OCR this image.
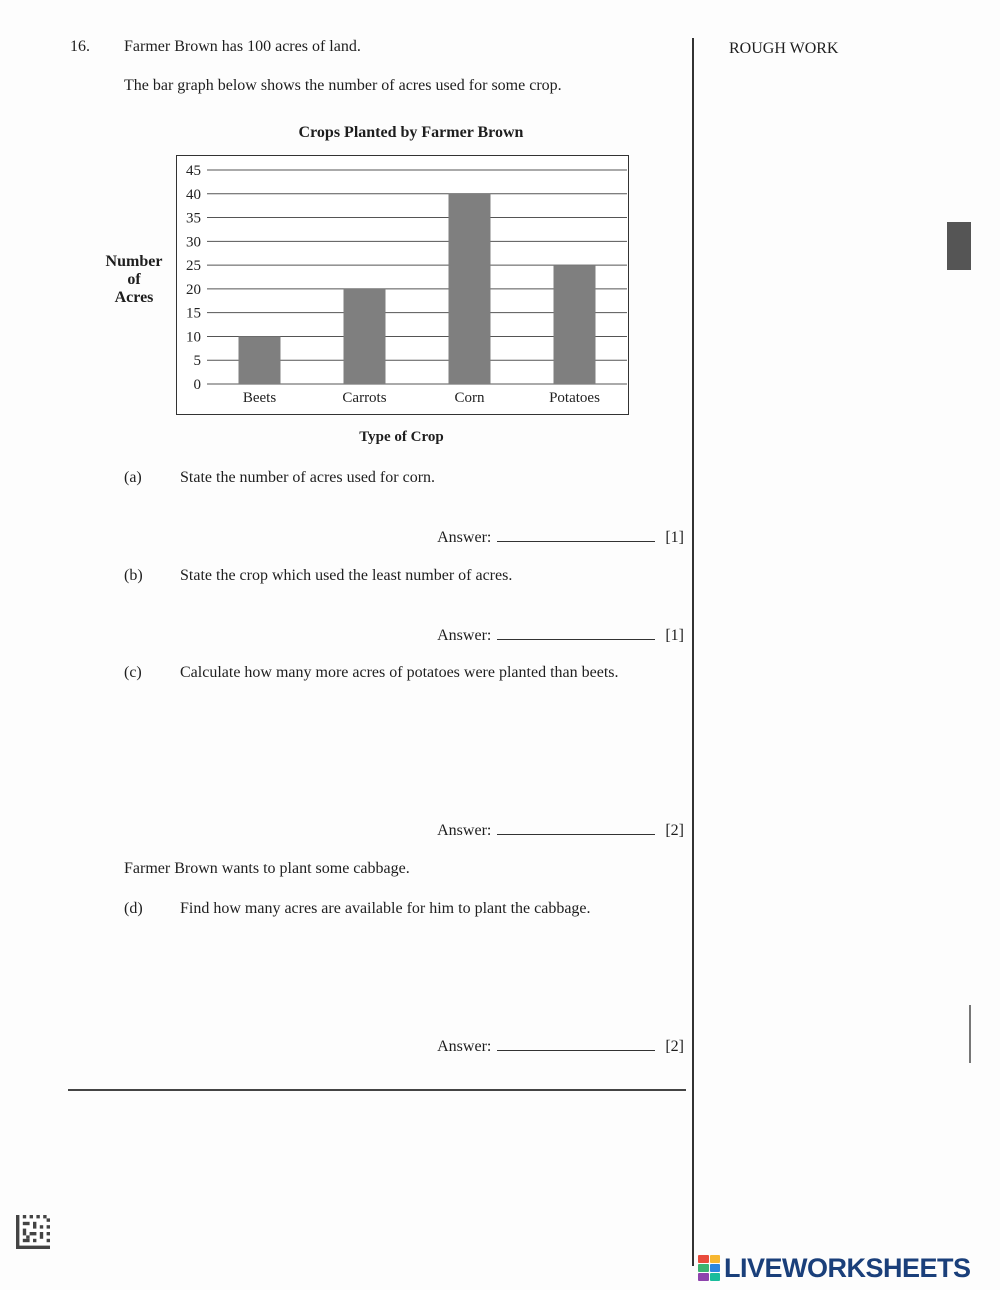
16. Farmer Brown has 100 acres of land.
The bar graph below shows the number of acres used for some crop.
ROUGH WORK
Crops Planted by Farmer Brown
Number
of
Acres
0
5
10
15
20
25
30
35
40
45
Beets	Carrots	Corn	Potatoes
Type of Crop
(a) State the number of acres used for corn.
Answer:	[1]
(b) State the crop which used the least number of acres.
Answer:	[1]
(c) Calculate how many more acres of potatoes were planted than beets.
Answer:	[2]
Farmer Brown wants to plant some cabbage.
(d) Find how many acres are available for him to plant the cabbage.
Answer:	[2]
LIVEWORKSHEETS
